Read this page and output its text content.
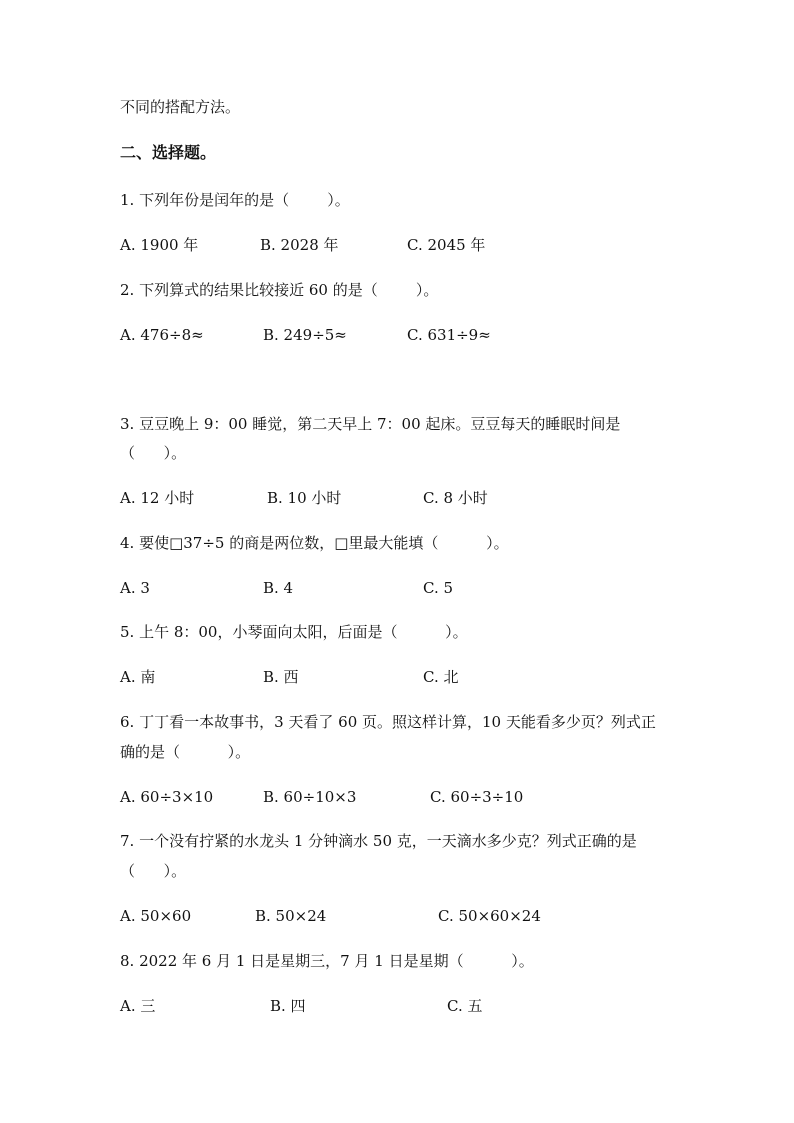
不同的搭配方法。
二、选择题。
1. 下列年份是闰年的是（        ）。
A. 1900 年	B. 2028 年	C. 2045 年
2. 下列算式的结果比较接近 60 的是（        ）。
A. 476÷8≈	B. 249÷5≈	C. 631÷9≈
3. 豆豆晚上 9：00 睡觉，第二天早上 7：00 起床。豆豆每天的睡眠时间是
（      ）。
A. 12 小时	B. 10 小时	C. 8 小时
4. 要使□37÷5 的商是两位数，□里最大能填（          ）。
A. 3	B. 4	C. 5
5. 上午 8：00，小琴面向太阳，后面是（          ）。
A. 南	B. 西	C. 北
6. 丁丁看一本故事书，3 天看了 60 页。照这样计算，10 天能看多少页？列式正
确的是（          ）。
A. 60÷3×10	B. 60÷10×3	C. 60÷3÷10
7. 一个没有拧紧的水龙头 1 分钟滴水 50 克，一天滴水多少克？列式正确的是
（      ）。
A. 50×60	B. 50×24	C. 50×60×24
8. 2022 年 6 月 1 日是星期三，7 月 1 日是星期（          ）。
A. 三	B. 四	C. 五
